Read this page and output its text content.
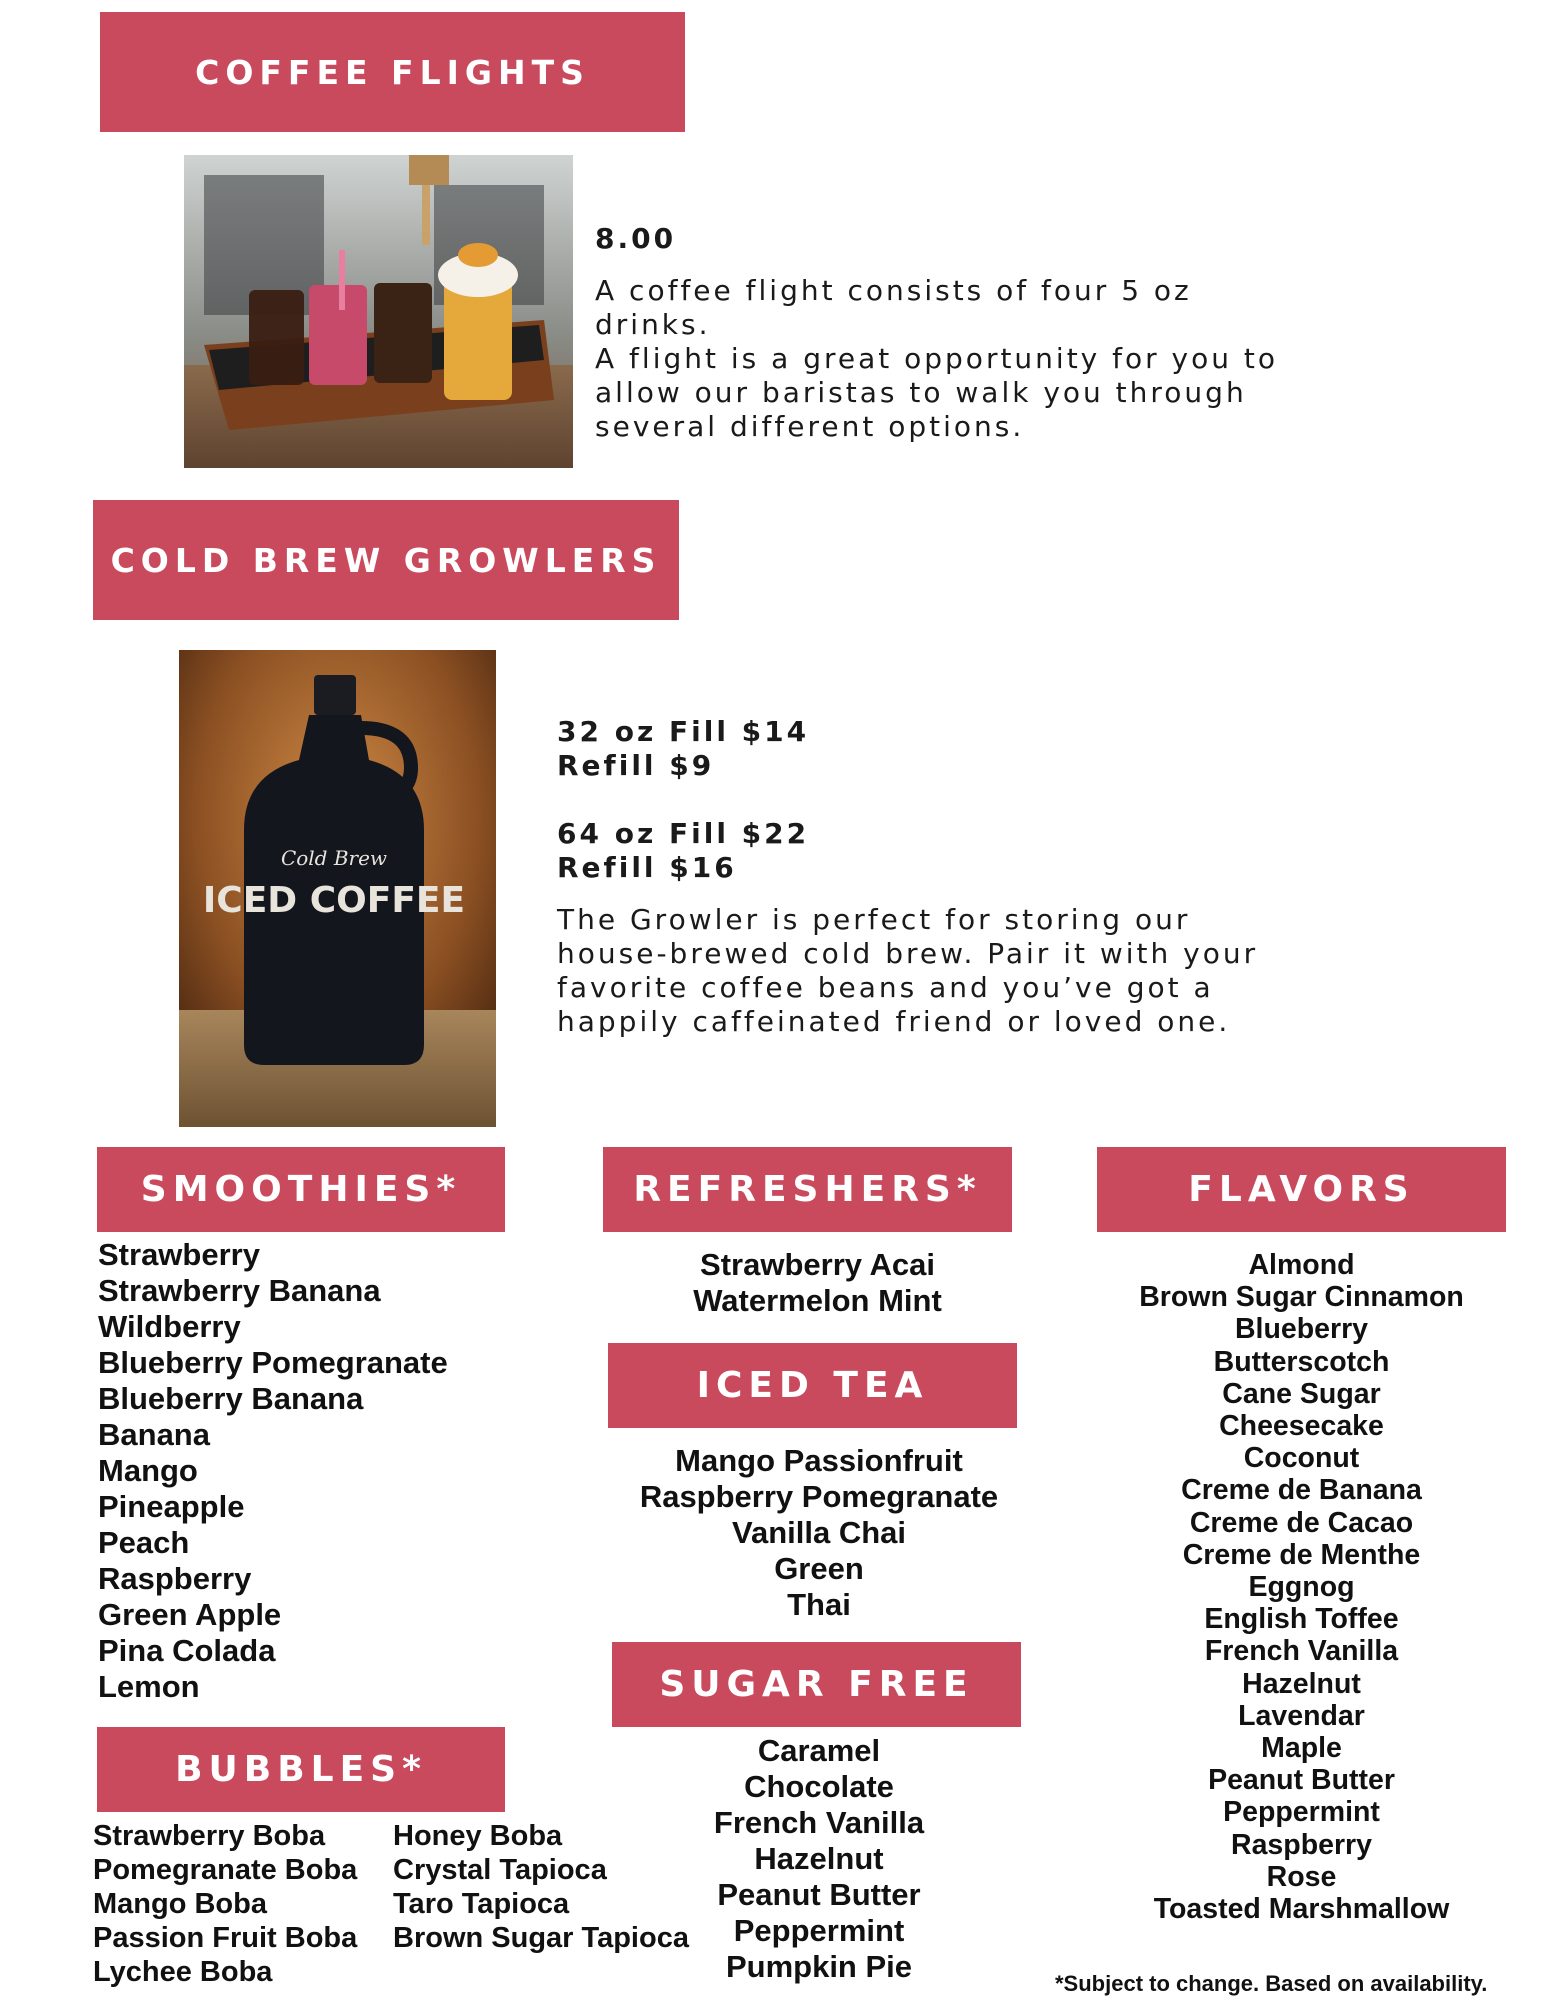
COFFEE FLIGHTS
8.00
A coffee flight consists of four 5 oz drinks.
A flight is a great opportunity for you to
allow our baristas to walk you through
several different options.
COLD BREW GROWLERS
Cold Brew
ICED COFFEE
32 oz Fill $14
Refill $9
64 oz Fill $22
Refill $16
The Growler is perfect for storing our
house-brewed cold brew. Pair it with your
favorite coffee beans and you’ve got a
happily caffeinated friend or loved one.
SMOOTHIES*
Strawberry
Strawberry Banana
Wildberry
Blueberry Pomegranate
Blueberry Banana
Banana
Mango
Pineapple
Peach
Raspberry
Green Apple
Pina Colada
Lemon
BUBBLES*
Strawberry Boba
Pomegranate Boba
Mango Boba
Passion Fruit Boba
Lychee Boba
Honey Boba
Crystal Tapioca
Taro Tapioca
Brown Sugar Tapioca
REFRESHERS*
Strawberry Acai
Watermelon Mint
ICED TEA
Mango Passionfruit
Raspberry Pomegranate
Vanilla Chai
Green
Thai
SUGAR FREE
Caramel
Chocolate
French Vanilla
Hazelnut
Peanut Butter
Peppermint
Pumpkin Pie
FLAVORS
Almond
Brown Sugar Cinnamon
Blueberry
Butterscotch
Cane Sugar
Cheesecake
Coconut
Creme de Banana
Creme de Cacao
Creme de Menthe
Eggnog
English Toffee
French Vanilla
Hazelnut
Lavendar
Maple
Peanut Butter
Peppermint
Raspberry
Rose
Toasted Marshmallow
*Subject to change. Based on availability.
